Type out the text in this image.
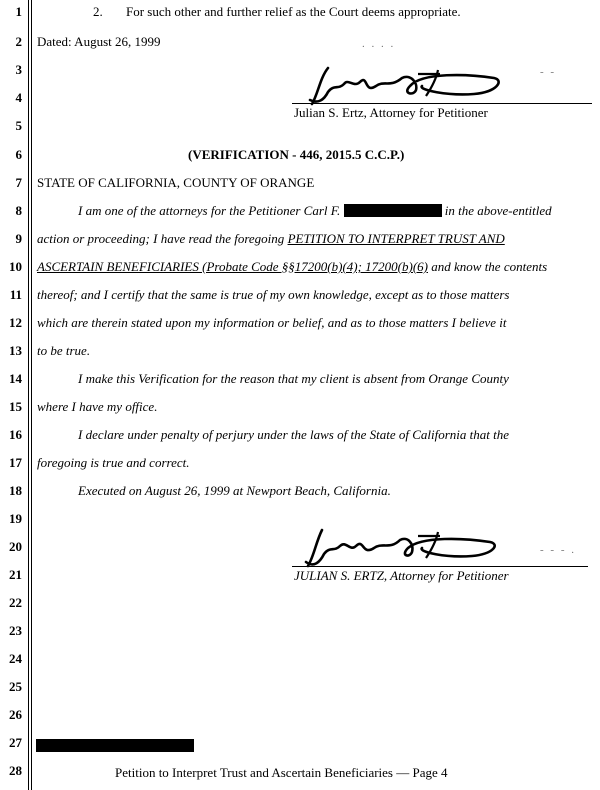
1
2
3
4
5
6
7
8
9
10
11
12
13
14
15
16
17
18
19
20
21
22
23
24
25
26
27
28
2. For such other and further relief as the Court deems appropriate.
Dated: August 26, 1999	. . . .
- -
Julian S. Ertz, Attorney for Petitioner
(VERIFICATION - 446, 2015.5 C.C.P.)
STATE OF CALIFORNIA, COUNTY OF ORANGE
I am one of the attorneys for the Petitioner Carl F.	in the above-entitled
action or proceeding; I have read the foregoing PETITION TO INTERPRET TRUST AND
ASCERTAIN BENEFICIARIES (Probate Code §§17200(b)(4); 17200(b)(6) and know the contents
thereof; and I certify that the same is true of my own knowledge, except as to those matters
which are therein stated upon my information or belief, and as to those matters I believe it
to be true.
I make this Verification for the reason that my client is absent from Orange County
where I have my office.
I declare under penalty of perjury under the laws of the State of California that the
foregoing is true and correct.
Executed on August 26, 1999 at Newport Beach, California.
- - - .
JULIAN S. ERTZ, Attorney for Petitioner
Petition to Interpret Trust and Ascertain Beneficiaries — Page 4
